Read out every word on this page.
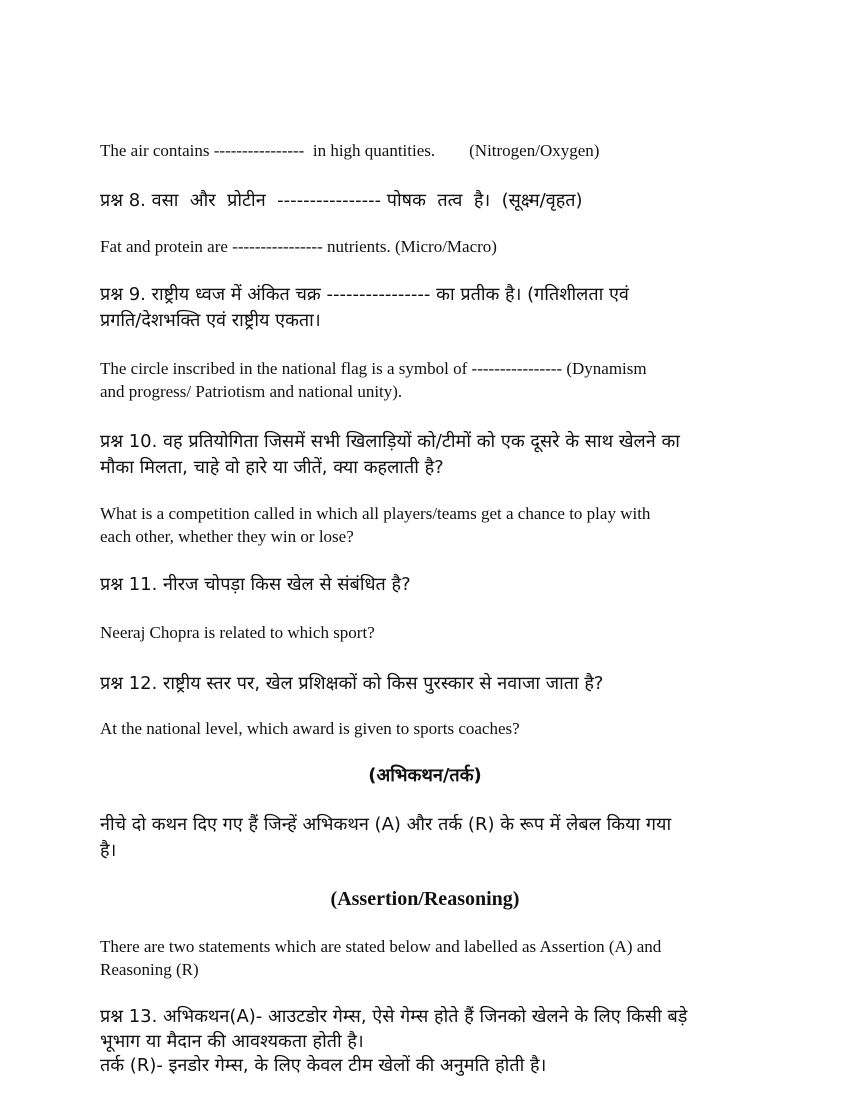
The air contains ----------------  in high quantities.        (Nitrogen/Oxygen)

प्रश्न 8. वसा  और  प्रोटीन  ---------------- पोषक  तत्व  है।  (सूक्ष्म/वृहत)

Fat and protein are ---------------- nutrients. (Micro/Macro)

प्रश्न 9. राष्ट्रीय ध्वज में अंकित चक्र ---------------- का प्रतीक है। (गतिशीलता एवं

प्रगति/देशभक्ति एवं राष्ट्रीय एकता।

The circle inscribed in the national flag is a symbol of ---------------- (Dynamism

and progress/ Patriotism and national unity).

प्रश्न 10. वह प्रतियोगिता जिसमें सभी खिलाड़ियों को/टीमों को एक दूसरे के साथ खेलने का

मौका मिलता, चाहे वो हारे या जीतें, क्या कहलाती है?

What is a competition called in which all players/teams get a chance to play with

each other, whether they win or lose?

प्रश्न 11. नीरज चोपड़ा किस खेल से संबंधित है?

Neeraj Chopra is related to which sport?

प्रश्न 12. राष्ट्रीय स्तर पर, खेल प्रशिक्षकों को किस पुरस्कार से नवाजा जाता है?

At the national level, which award is given to sports coaches?

(अभिकथन/तर्क)

नीचे दो कथन दिए गए हैं जिन्हें अभिकथन (A) और तर्क (R) के रूप में लेबल किया गया

है।

(Assertion/Reasoning)

There are two statements which are stated below and labelled as Assertion (A) and

Reasoning (R)

प्रश्न 13. अभिकथन(A)- आउटडोर गेम्स, ऐसे गेम्स होते हैं जिनको खेलने के लिए किसी बड़े

भूभाग या मैदान की आवश्यकता होती है।

तर्क (R)- इनडोर गेम्स, के लिए केवल टीम खेलों की अनुमति होती है।
